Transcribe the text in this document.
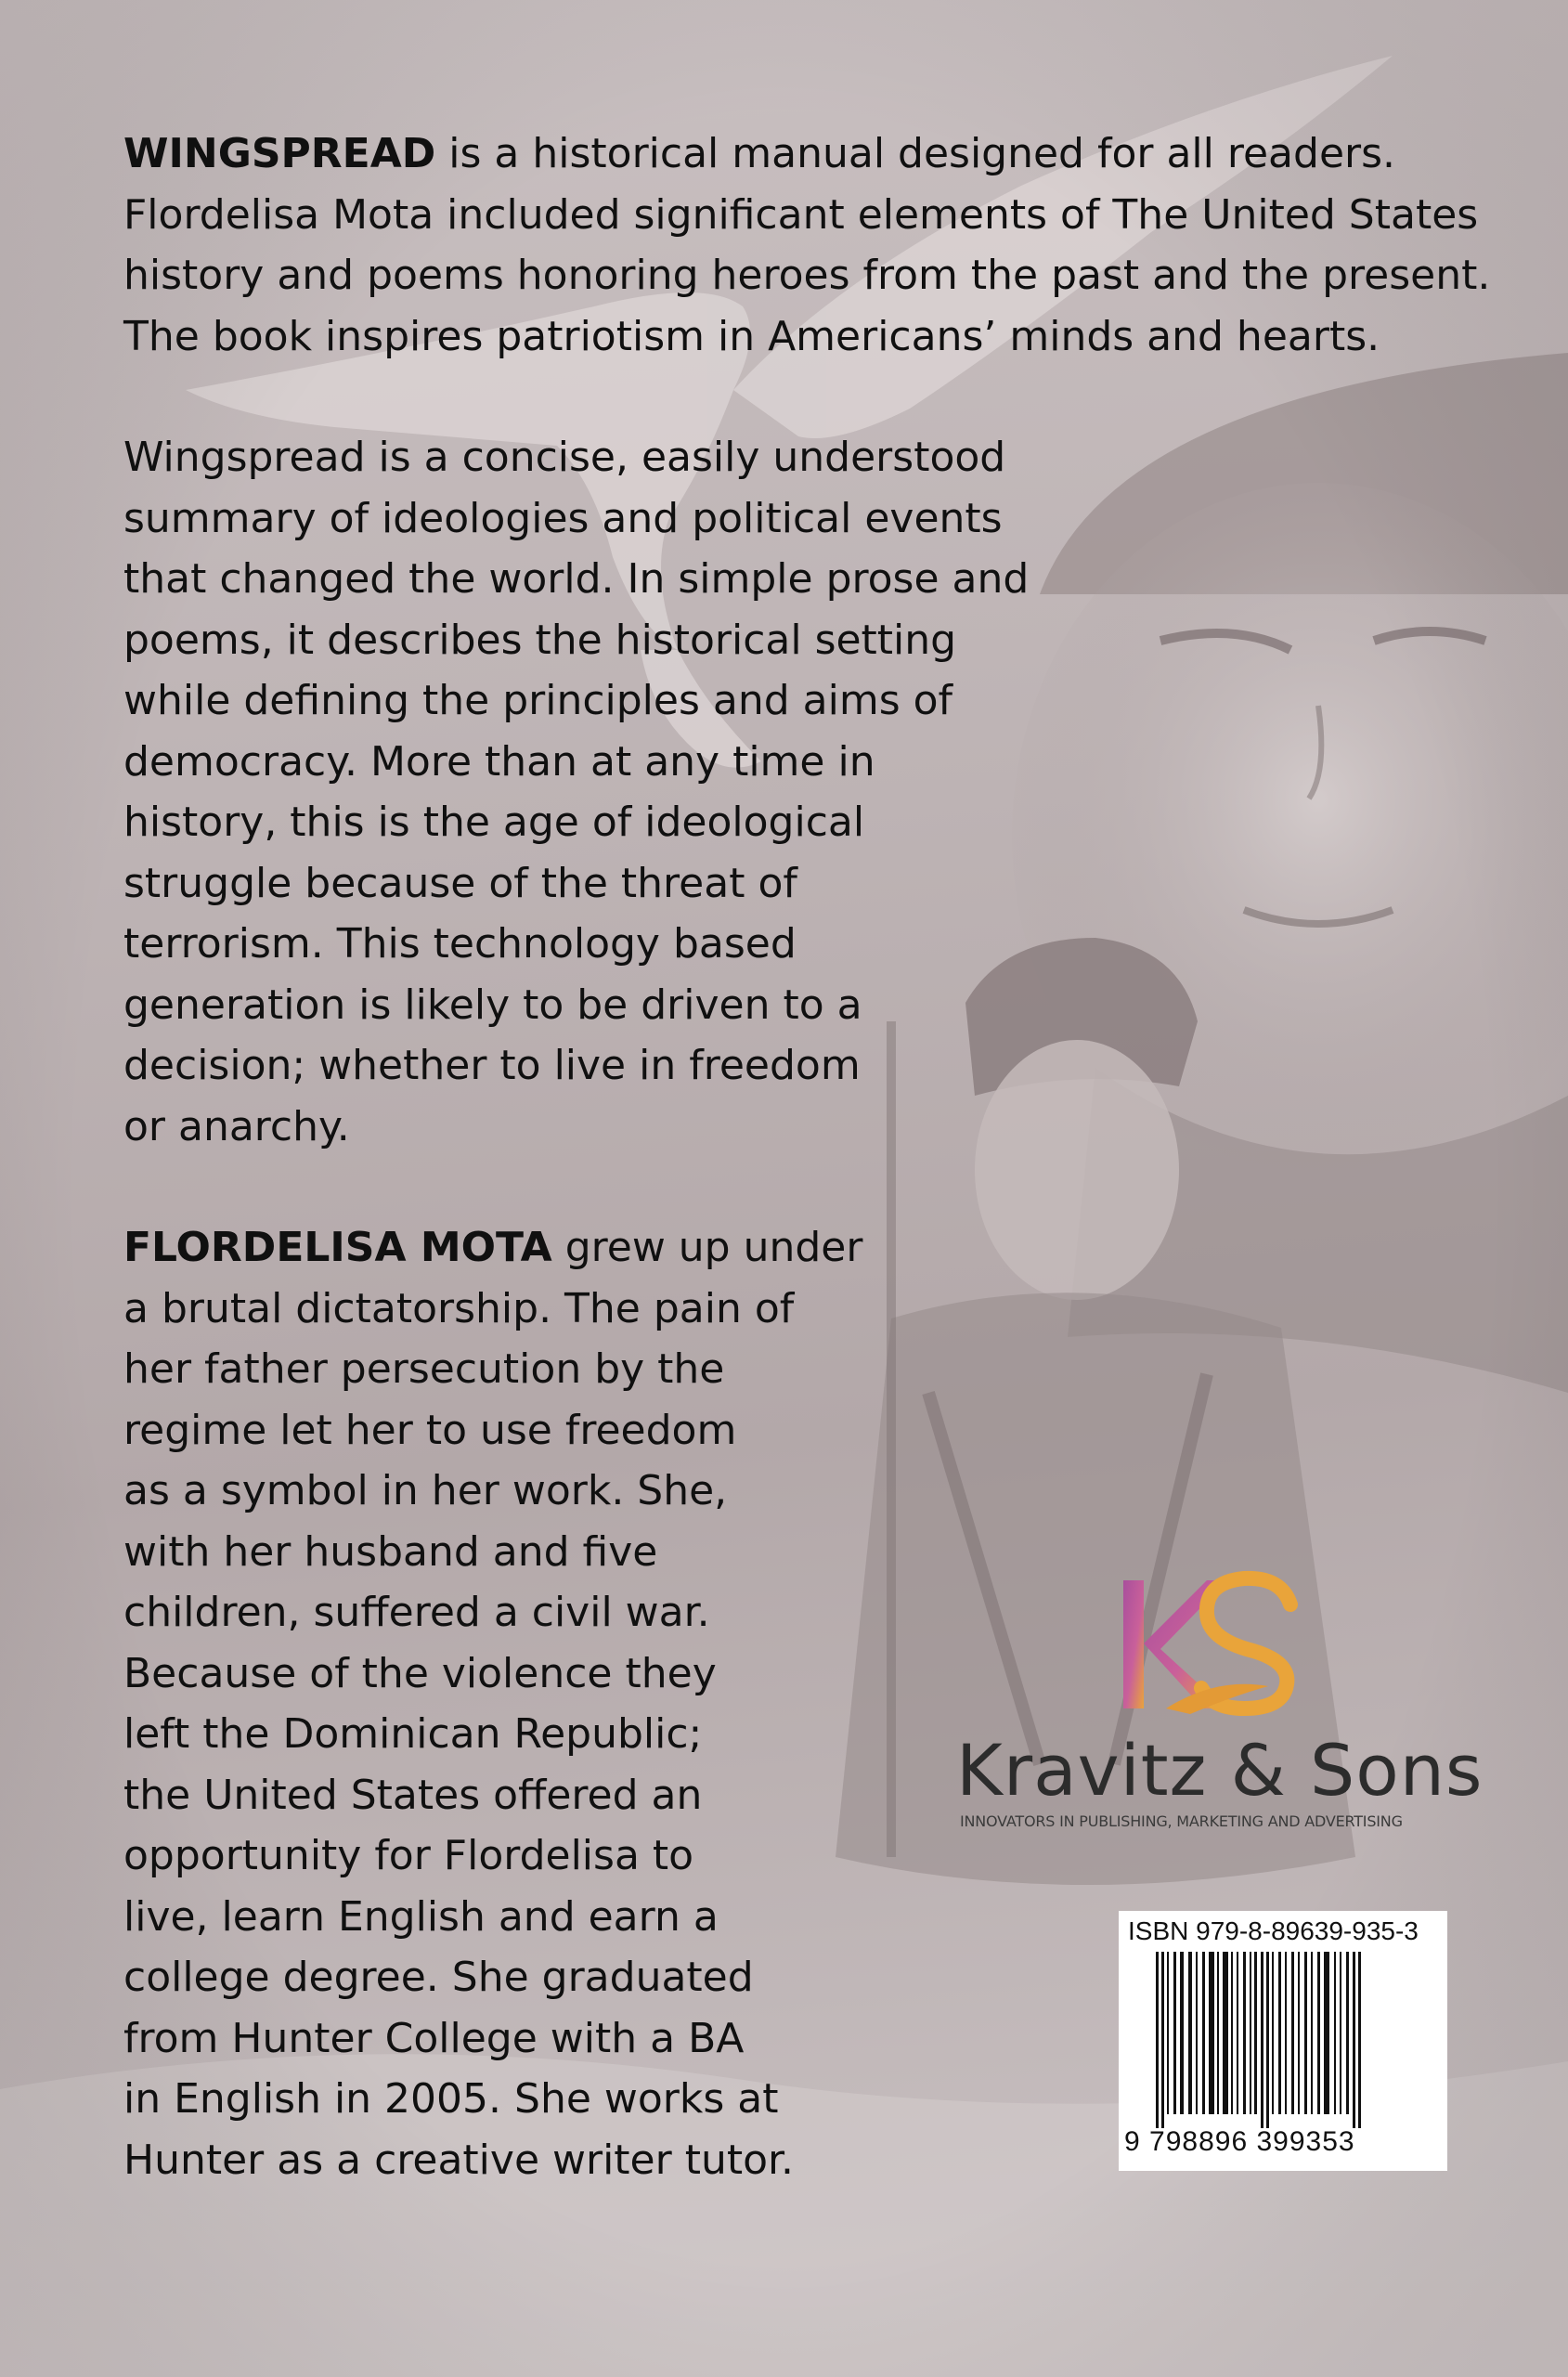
WINGSPREAD is a historical manual designed for all readers.
Flordelisa Mota included significant elements of The United States
history and poems honoring heroes from the past and the present.
The book inspires patriotism in Americans’ minds and hearts.

Wingspread is a concise, easily understood
summary of ideologies and political events
that changed the world. In simple prose and
poems, it describes the historical setting
while defining the principles and aims of
democracy. More than at any time in
history, this is the age of ideological
struggle because of the threat of
terrorism. This technology based
generation is likely to be driven to a
decision; whether to live in freedom
or anarchy.

FLORDELISA MOTA grew up under
a brutal dictatorship. The pain of
her father persecution by the
regime let her to use freedom
as a symbol in her work. She,
with her husband and five
children, suffered a civil war.
Because of the violence they
left the Dominican Republic;
the United States offered an
opportunity for Flordelisa to
live, learn English and earn a
college degree. She graduated
from Hunter College with a BA
in English in 2005. She works at
Hunter as a creative writer tutor.

Kravitz & Sons
INNOVATORS IN PUBLISHING, MARKETING AND ADVERTISING
ISBN 979-8-89639-935-3
9 798896 399353
